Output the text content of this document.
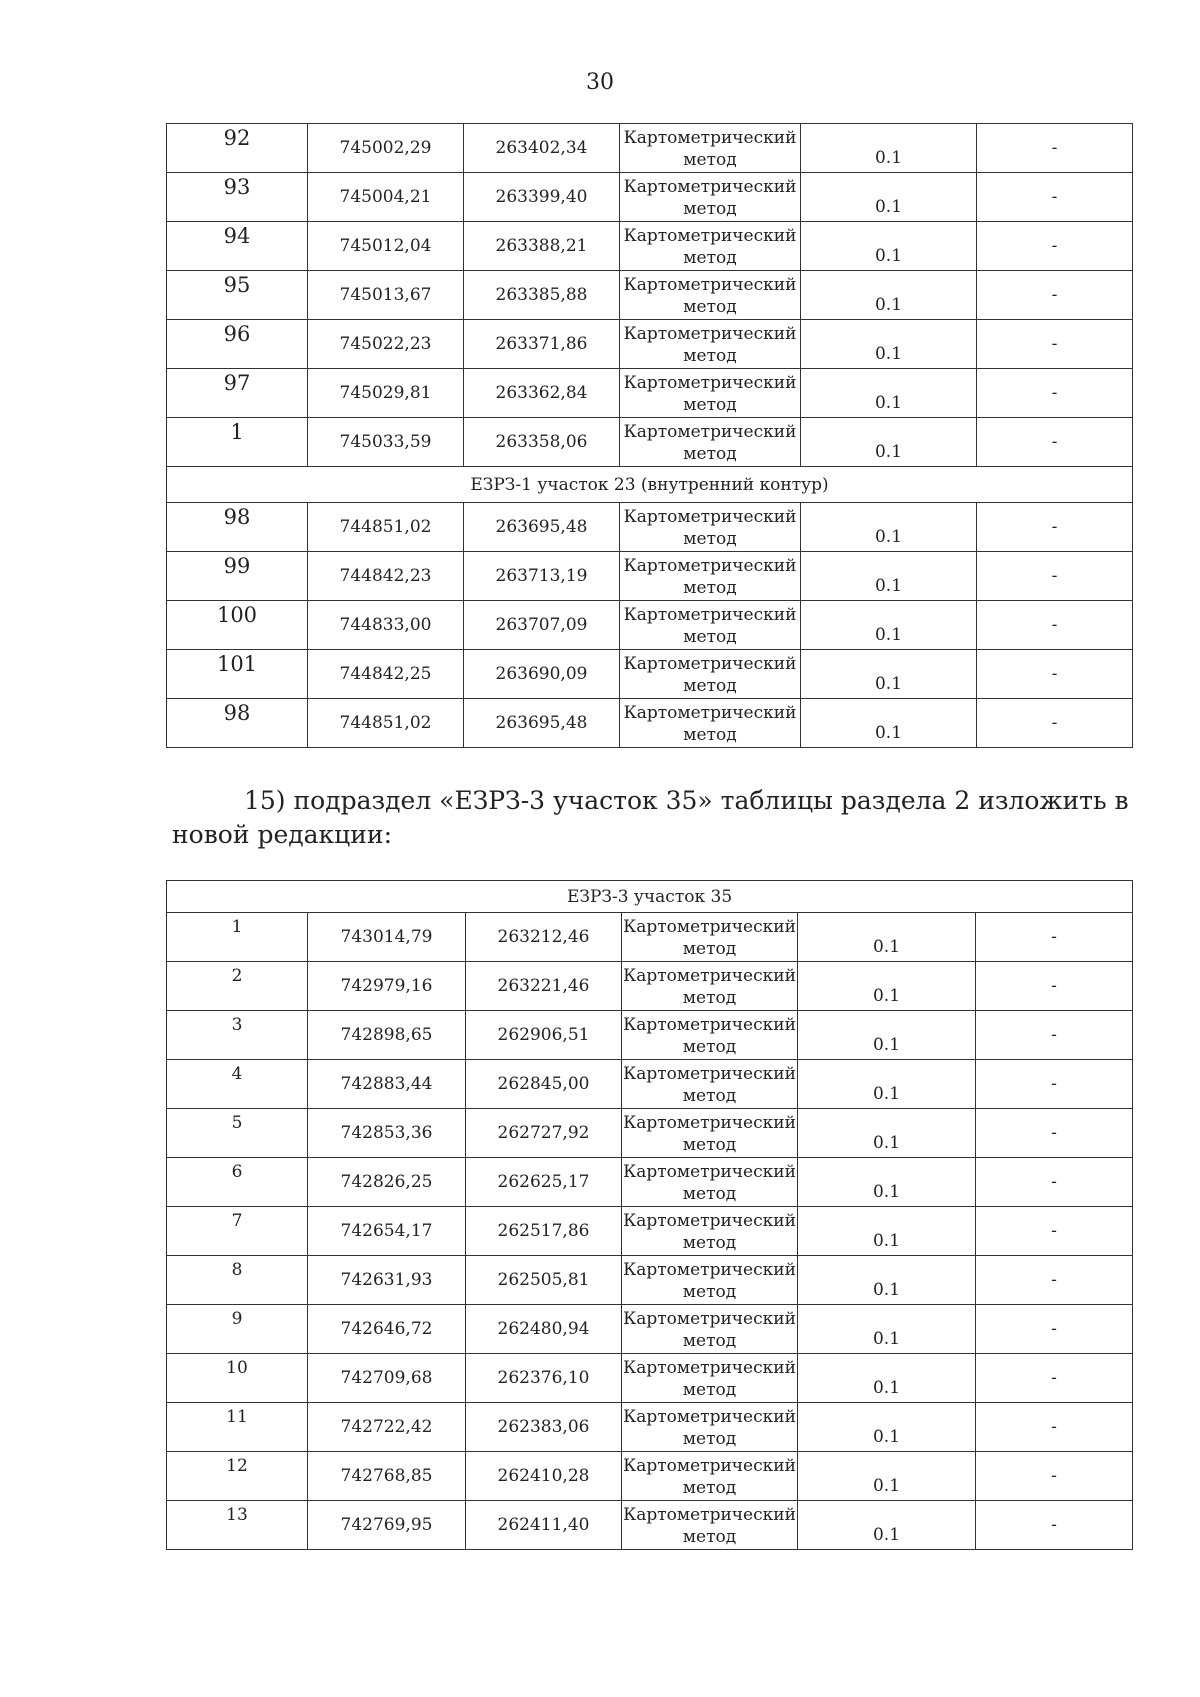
30
92	745002,29	263402,34	Картометрический метод	0.1	-
93	745004,21	263399,40	Картометрический метод	0.1	-
94	745012,04	263388,21	Картометрический метод	0.1	-
95	745013,67	263385,88	Картометрический метод	0.1	-
96	745022,23	263371,86	Картометрический метод	0.1	-
97	745029,81	263362,84	Картометрический метод	0.1	-
1	745033,59	263358,06	Картометрический метод	0.1	-
ЕЗРЗ-1 участок 23 (внутренний контур)					
98	744851,02	263695,48	Картометрический метод	0.1	-
99	744842,23	263713,19	Картометрический метод	0.1	-
100	744833,00	263707,09	Картометрический метод	0.1	-
101	744842,25	263690,09	Картометрический метод	0.1	-
98	744851,02	263695,48	Картометрический метод	0.1	-
15) подраздел «ЕЗРЗ-3 участок 35» таблицы раздела 2 изложить в новой редакции:
ЕЗРЗ-3 участок 35					
1	743014,79	263212,46	Картометрический метод	0.1	-
2	742979,16	263221,46	Картометрический метод	0.1	-
3	742898,65	262906,51	Картометрический метод	0.1	-
4	742883,44	262845,00	Картометрический метод	0.1	-
5	742853,36	262727,92	Картометрический метод	0.1	-
6	742826,25	262625,17	Картометрический метод	0.1	-
7	742654,17	262517,86	Картометрический метод	0.1	-
8	742631,93	262505,81	Картометрический метод	0.1	-
9	742646,72	262480,94	Картометрический метод	0.1	-
10	742709,68	262376,10	Картометрический метод	0.1	-
11	742722,42	262383,06	Картометрический метод	0.1	-
12	742768,85	262410,28	Картометрический метод	0.1	-
13	742769,95	262411,40	Картометрический метод	0.1	-
